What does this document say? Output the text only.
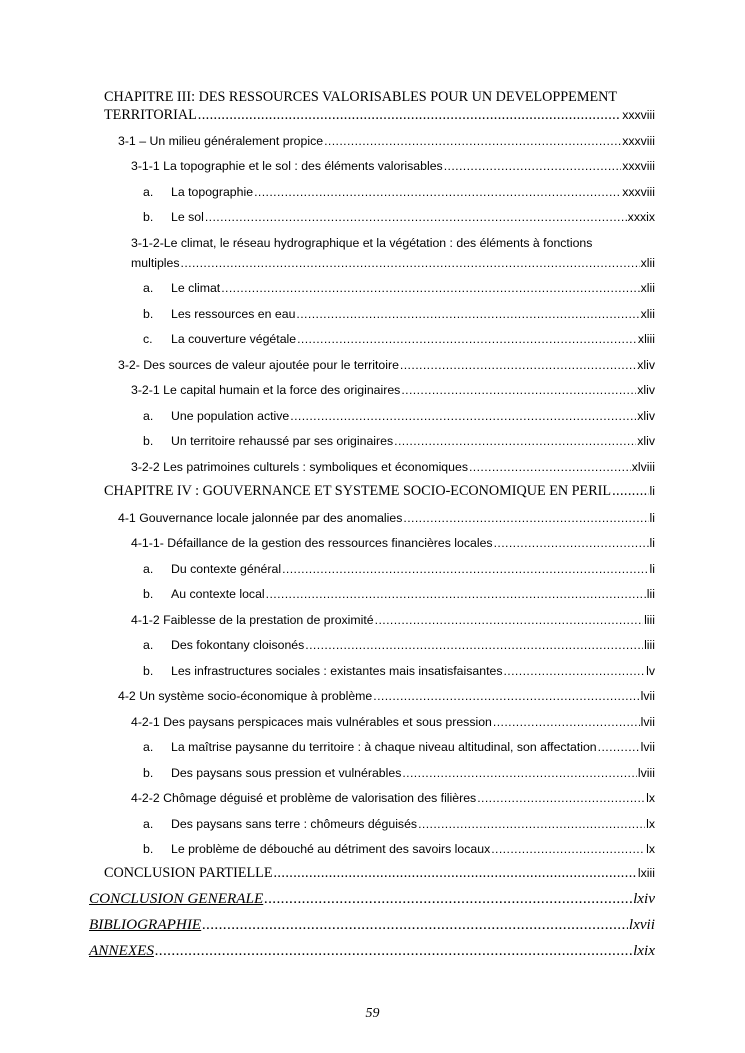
CHAPITRE III: DES RESSOURCES VALORISABLES POUR UN DEVELOPPEMENT
TERRITORIAL .....	xxxviii
3-1 – Un milieu généralement propice .....	xxxviii
3-1-1 La topographie et le sol : des éléments valorisables .....	xxxviii
a.	La topographie .....	xxxviii
b.	Le sol .....	xxxix
3-1-2-Le climat, le réseau hydrographique et la végétation : des éléments à fonctions
multiples .....	xlii
a.	Le climat .....	xlii
b.	Les ressources en eau .....	xlii
c.	La couverture végétale .....	xliii
3-2- Des sources de valeur ajoutée pour le territoire .....	xliv
3-2-1 Le capital humain et la force des originaires .....	xliv
a.	Une population active .....	xliv
b.	Un territoire rehaussé par ses originaires .....	xliv
3-2-2 Les patrimoines culturels : symboliques et économiques .....	xlviii
CHAPITRE IV : GOUVERNANCE ET SYSTEME SOCIO-ECONOMIQUE EN PERIL .....	li
4-1 Gouvernance locale jalonnée par des anomalies .....	li
4-1-1- Défaillance de la gestion des ressources financières locales .....	li
a.	Du contexte général .....	li
b.	Au contexte local .....	lii
4-1-2 Faiblesse de la prestation de proximité .....	liii
a.	Des fokontany cloisonés .....	liii
b.	Les infrastructures sociales : existantes mais insatisfaisantes .....	lv
4-2 Un système socio-économique à problème .....	lvii
4-2-1 Des paysans perspicaces mais vulnérables et sous pression .....	lvii
a.	La maîtrise paysanne du territoire : à chaque niveau altitudinal, son affectation .....	lvii
b.	Des paysans sous pression et vulnérables .....	lviii
4-2-2 Chômage déguisé et problème de valorisation des filières .....	lx
a.	Des paysans sans terre : chômeurs déguisés .....	lx
b.	Le problème de débouché au détriment des savoirs locaux .....	lx
CONCLUSION PARTIELLE .....	lxiii
CONCLUSION GENERALE .....	lxiv
BIBLIOGRAPHIE .....	lxvii
ANNEXES .....	lxix
59
